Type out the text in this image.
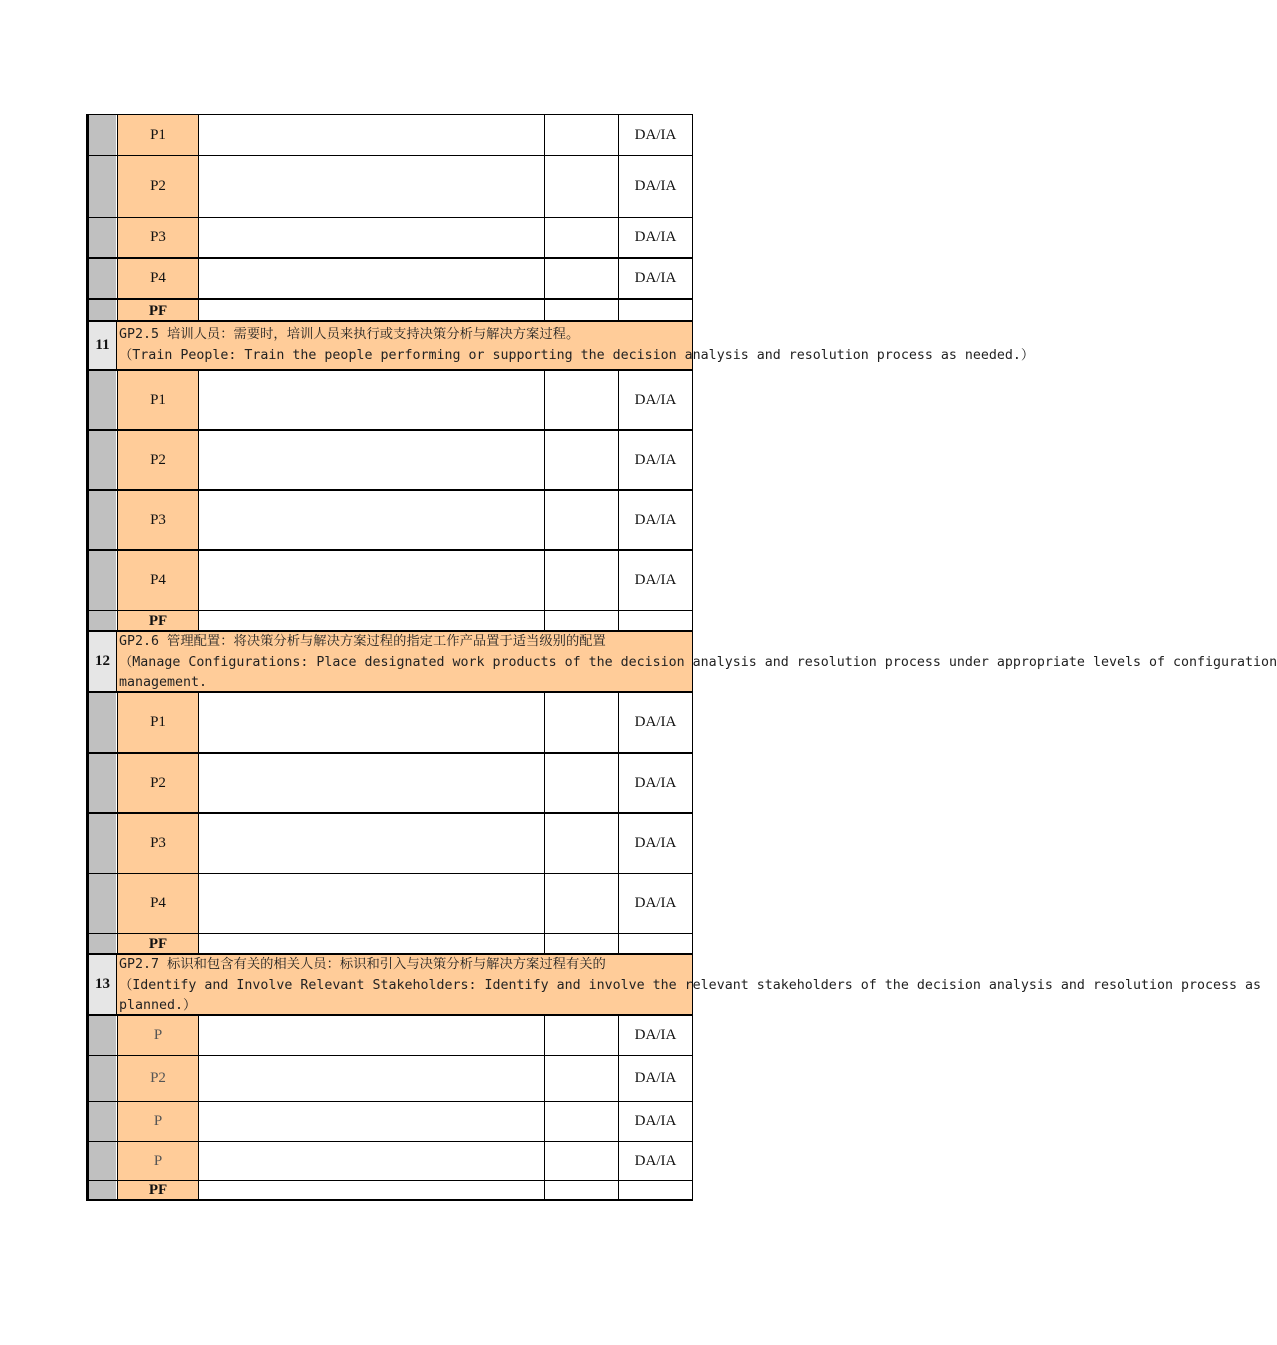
P1	DA/IA
P2	DA/IA
P3	DA/IA
P4	DA/IA
PF
11
GP2.5 培训人员：需要时，培训人员来执行或支持决策分析与解决方案过程。
（Train People: Train the people performing or supporting the decision analysis and resolution process as needed.）
P1	DA/IA
P2	DA/IA
P3	DA/IA
P4	DA/IA
PF
12
GP2.6 管理配置：将决策分析与解决方案过程的指定工作产品置于适当级别的配置
（Manage Configurations: Place designated work products of the decision analysis and resolution process under appropriate levels of configuration
management.
P1	DA/IA
P2	DA/IA
P3	DA/IA
P4	DA/IA
PF
13
GP2.7 标识和包含有关的相关人员：标识和引入与决策分析与解决方案过程有关的
（Identify and Involve Relevant Stakeholders: Identify and involve the relevant stakeholders of the decision analysis and resolution process as
planned.）
P	DA/IA
P2	DA/IA
P	DA/IA
P	DA/IA
PF
